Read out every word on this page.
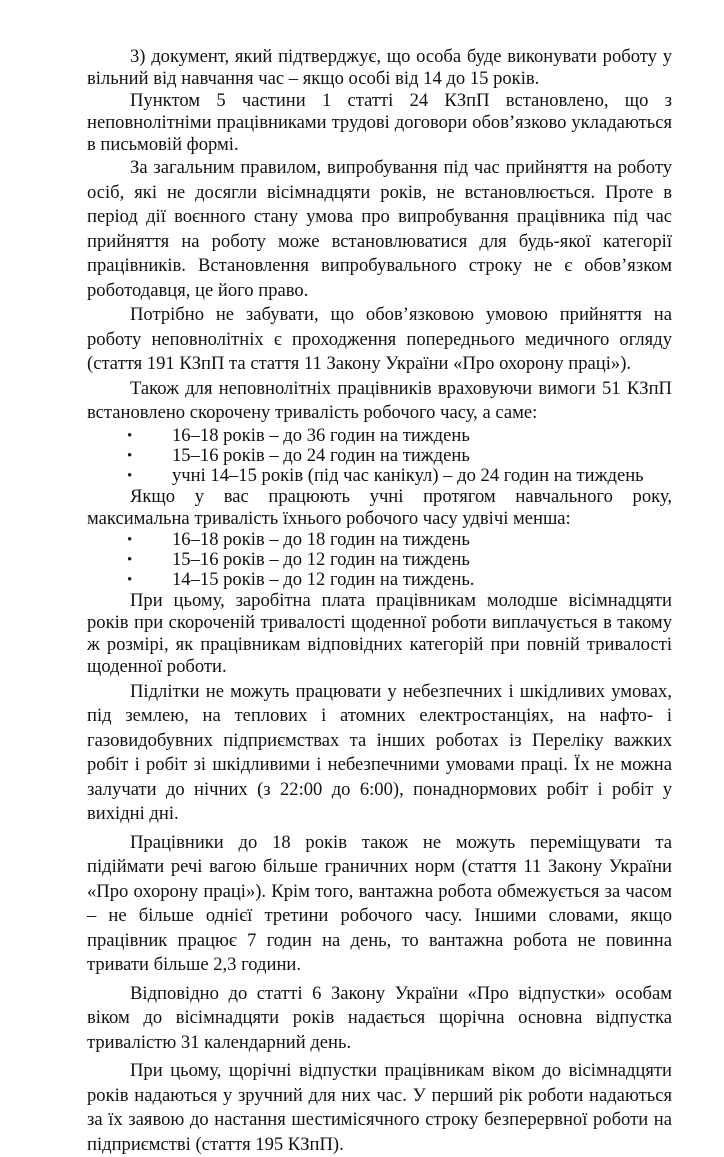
3) документ, який підтверджує, що особа буде виконувати роботу у вільний від навчання час – якщо особі від 14 до 15 років.

Пунктом 5 частини 1 статті 24 КЗпП встановлено, що з неповнолітніми працівниками трудові договори обов’язково укладаються в письмовій формі.

За загальним правилом, випробування під час прийняття на роботу осіб, які не досягли вісімнадцяти років, не встановлюється. Проте в період дії воєнного стану умова про випробування працівника під час прийняття на роботу може встановлюватися для будь-якої категорії працівників. Встановлення випробувального строку не є обов’язком роботодавця, це його право.

Потрібно не забувати, що обов’язковою умовою прийняття на роботу неповнолітніх є проходження попереднього медичного огляду (стаття 191 КЗпП та стаття 11 Закону України «Про охорону праці»).

Також для неповнолітніх працівників враховуючи вимоги 51 КЗпП встановлено скорочену тривалість робочого часу, а саме:

• 16–18 років – до 36 годин на тиждень
• 15–16 років – до 24 годин на тиждень
• учні 14–15 років (під час канікул) – до 24 годин на тиждень

Якщо у вас працюють учні протягом навчального року, максимальна тривалість їхнього робочого часу удвічі менша:

• 16–18 років – до 18 годин на тиждень
• 15–16 років – до 12 годин на тиждень
• 14–15 років – до 12 годин на тиждень.

При цьому, заробітна плата працівникам молодше вісімнадцяти років при скороченій тривалості щоденної роботи виплачується в такому ж розмірі, як працівникам відповідних категорій при повній тривалості щоденної роботи.

Підлітки не можуть працювати у небезпечних і шкідливих умовах, під землею, на теплових і атомних електростанціях, на нафто- і газовидобувних підприємствах та інших роботах із Переліку важких робіт і робіт зі шкідливими і небезпечними умовами праці. Їх не можна залучати до нічних (з 22:00 до 6:00), понаднормових робіт і робіт у вихідні дні.

Працівники до 18 років також не можуть переміщувати та підіймати речі вагою більше граничних норм (стаття 11 Закону України «Про охорону праці»). Крім того, вантажна робота обмежується за часом – не більше однієї третини робочого часу. Іншими словами, якщо працівник працює 7 годин на день, то вантажна робота не повинна тривати більше 2,3 години.

Відповідно до статті 6 Закону України «Про відпустки» особам віком до вісімнадцяти років надається щорічна основна відпустка тривалістю 31 календарний день.

При цьому, щорічні відпустки працівникам віком до вісімнадцяти років надаються у зручний для них час. У перший рік роботи надаються за їх заявою до настання шестимісячного строку безперервної роботи на підприємстві (стаття 195 КЗпП).
